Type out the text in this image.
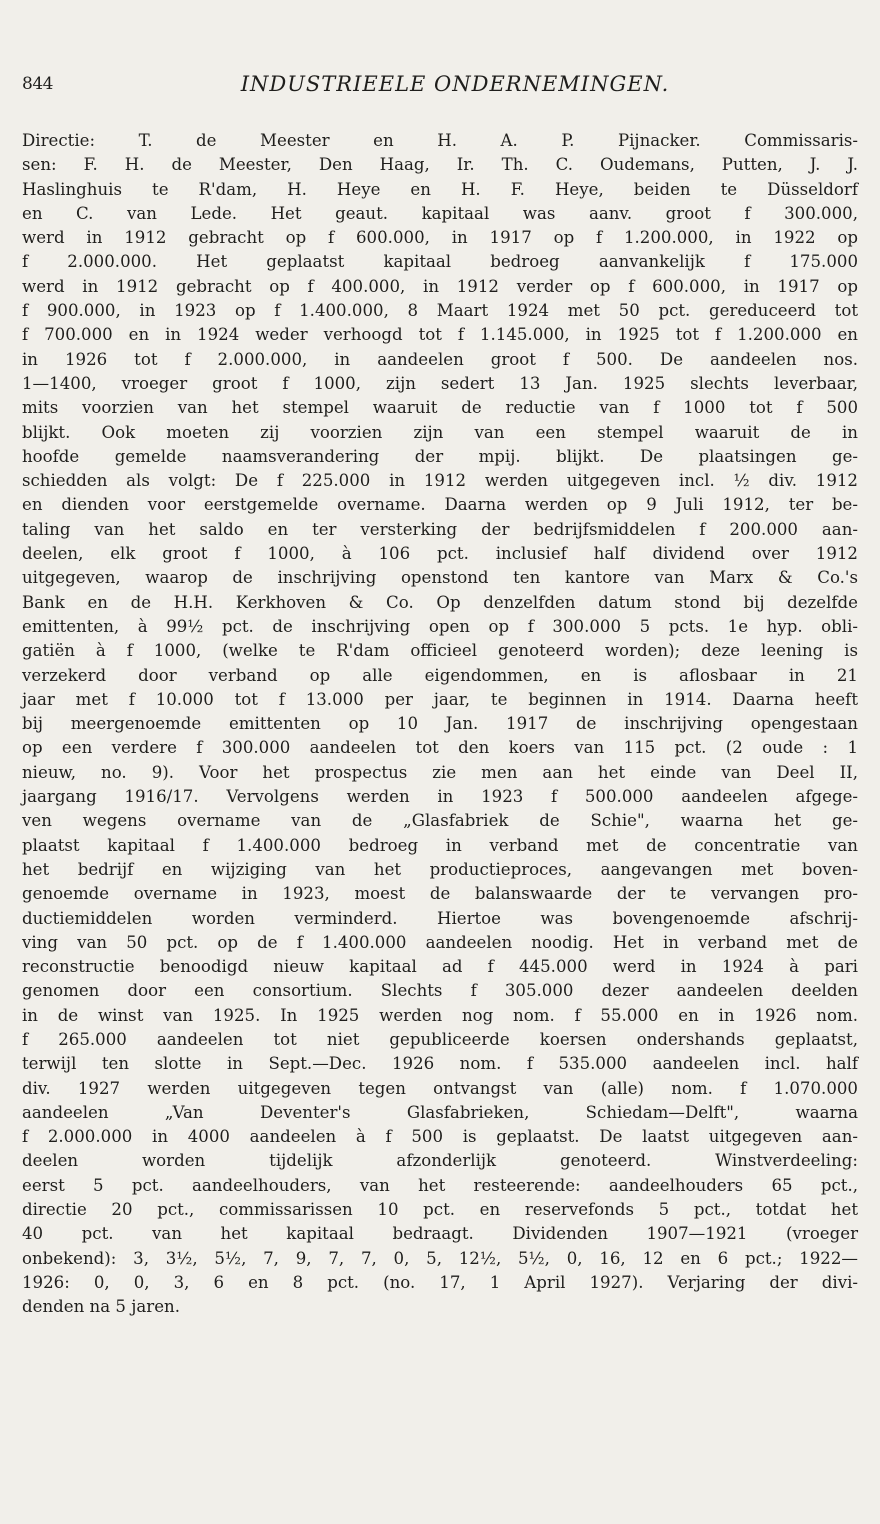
844	INDUSTRIEELE ONDERNEMINGEN.
Directie: T. de Meester en H. A. P. Pijnacker. Commissaris-
sen: F. H. de Meester, Den Haag, Ir. Th. C. Oudemans, Putten, J. J.
Haslinghuis te R'dam, H. Heye en H. F. Heye, beiden te Düsseldorf
en C. van Lede. Het geaut. kapitaal was aanv. groot f 300.000,
werd in 1912 gebracht op f 600.000, in 1917 op f 1.200.000, in 1922 op
f 2.000.000. Het geplaatst kapitaal bedroeg aanvankelijk f 175.000
werd in 1912 gebracht op f 400.000, in 1912 verder op f 600.000, in 1917 op
f 900.000, in 1923 op f 1.400.000, 8 Maart 1924 met 50 pct. gereduceerd tot
f 700.000 en in 1924 weder verhoogd tot f 1.145.000, in 1925 tot f 1.200.000 en
in 1926 tot f 2.000.000, in aandeelen groot f 500. De aandeelen nos.
1—1400, vroeger groot f 1000, zijn sedert 13 Jan. 1925 slechts leverbaar,
mits voorzien van het stempel waaruit de reductie van f 1000 tot f 500
blijkt. Ook moeten zij voorzien zijn van een stempel waaruit de in
hoofde gemelde naamsverandering der mpij. blijkt. De plaatsingen ge-
schiedden als volgt: De f 225.000 in 1912 werden uitgegeven incl. ½ div. 1912
en dienden voor eerstgemelde overname. Daarna werden op 9 Juli 1912, ter be-
taling van het saldo en ter versterking der bedrijfsmiddelen f 200.000 aan-
deelen, elk groot f 1000, à 106 pct. inclusief half dividend over 1912
uitgegeven, waarop de inschrijving openstond ten kantore van Marx & Co.'s
Bank en de H.H. Kerkhoven & Co. Op denzelfden datum stond bij dezelfde
emittenten, à 99½ pct. de inschrijving open op f 300.000 5 pcts. 1e hyp. obli-
gatiën à f 1000, (welke te R'dam officieel genoteerd worden); deze leening is
verzekerd door verband op alle eigendommen, en is aflosbaar in 21
jaar met f 10.000 tot f 13.000 per jaar, te beginnen in 1914. Daarna heeft
bij meergenoemde emittenten op 10 Jan. 1917 de inschrijving opengestaan
op een verdere f 300.000 aandeelen tot den koers van 115 pct. (2 oude : 1
nieuw, no. 9). Voor het prospectus zie men aan het einde van Deel II,
jaargang 1916/17. Vervolgens werden in 1923 f 500.000 aandeelen afgege-
ven wegens overname van de „Glasfabriek de Schie", waarna het ge-
plaatst kapitaal f 1.400.000 bedroeg in verband met de concentratie van
het bedrijf en wijziging van het productieproces, aangevangen met boven-
genoemde overname in 1923, moest de balanswaarde der te vervangen pro-
ductiemiddelen worden verminderd. Hiertoe was bovengenoemde afschrij-
ving van 50 pct. op de f 1.400.000 aandeelen noodig. Het in verband met de
reconstructie benoodigd nieuw kapitaal ad f 445.000 werd in 1924 à pari
genomen door een consortium. Slechts f 305.000 dezer aandeelen deelden
in de winst van 1925. In 1925 werden nog nom. f 55.000 en in 1926 nom.
f 265.000 aandeelen tot niet gepubliceerde koersen ondershands geplaatst,
terwijl ten slotte in Sept.—Dec. 1926 nom. f 535.000 aandeelen incl. half
div. 1927 werden uitgegeven tegen ontvangst van (alle) nom. f 1.070.000
aandeelen „Van Deventer's Glasfabrieken, Schiedam—Delft", waarna
f 2.000.000 in 4000 aandeelen à f 500 is geplaatst. De laatst uitgegeven aan-
deelen worden tijdelijk afzonderlijk genoteerd. Winstverdeeling:
eerst 5 pct. aandeelhouders, van het resteerende: aandeelhouders 65 pct.,
directie 20 pct., commissarissen 10 pct. en reservefonds 5 pct., totdat het
40 pct. van het kapitaal bedraagt. Dividenden 1907—1921 (vroeger
onbekend): 3, 3½, 5½, 7, 9, 7, 7, 0, 5, 12½, 5½, 0, 16, 12 en 6 pct.; 1922—
1926: 0, 0, 3, 6 en 8 pct. (no. 17, 1 April 1927). Verjaring der divi-
denden na 5 jaren.
